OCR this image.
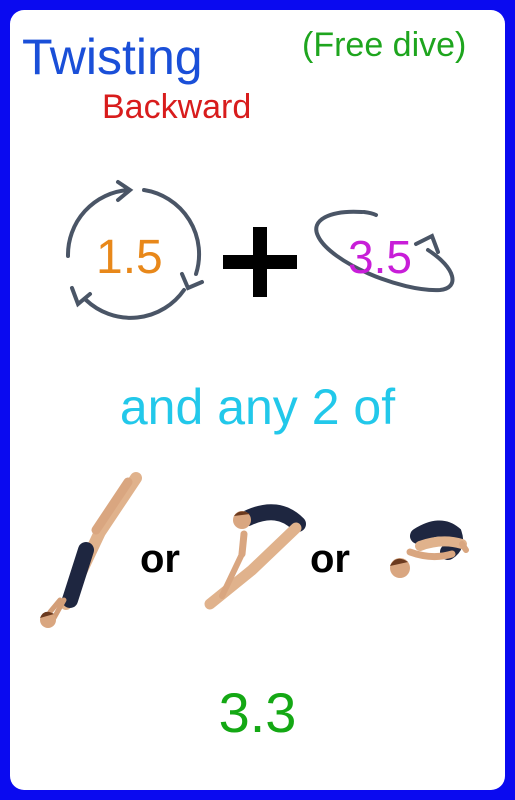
Twisting
Backward
(Free dive)
1.5	3.5
and any 2 of
or	or
3.3
